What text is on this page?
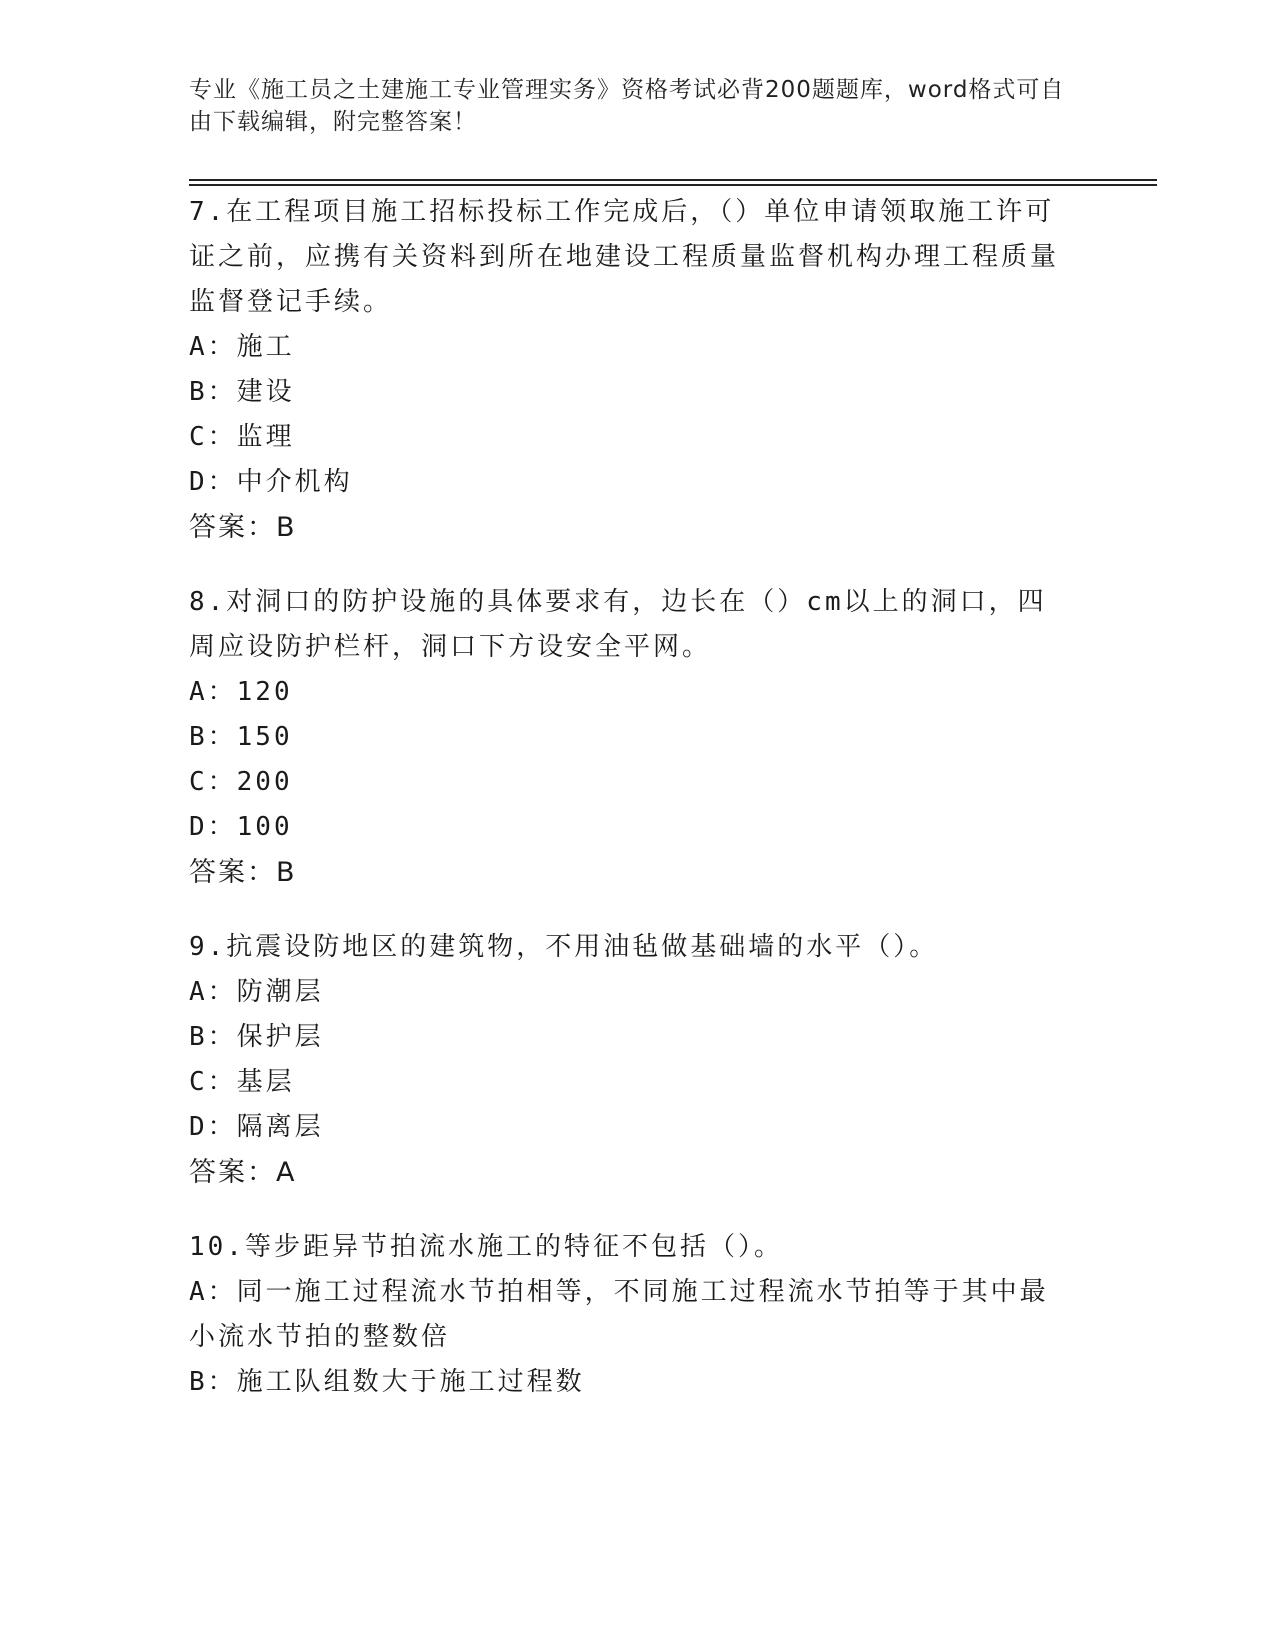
专业《施工员之土建施工专业管理实务》资格考试必背200题题库，word格式可自由下载编辑，附完整答案！
7.在工程项目施工招标投标工作完成后，（）单位申请领取施工许可证之前，应携有关资料到所在地建设工程质量监督机构办理工程质量监督登记手续。
A：施工
B：建设
C：监理
D：中介机构
答案：B
8.对洞口的防护设施的具体要求有，边长在（）cm以上的洞口，四周应设防护栏杆，洞口下方设安全平网。
A：120
B：150
C：200
D：100
答案：B
9.抗震设防地区的建筑物，不用油毡做基础墙的水平（）。
A：防潮层
B：保护层
C：基层
D：隔离层
答案：A
10.等步距异节拍流水施工的特征不包括（）。
A：同一施工过程流水节拍相等，不同施工过程流水节拍等于其中最小流水节拍的整数倍
B：施工队组数大于施工过程数
